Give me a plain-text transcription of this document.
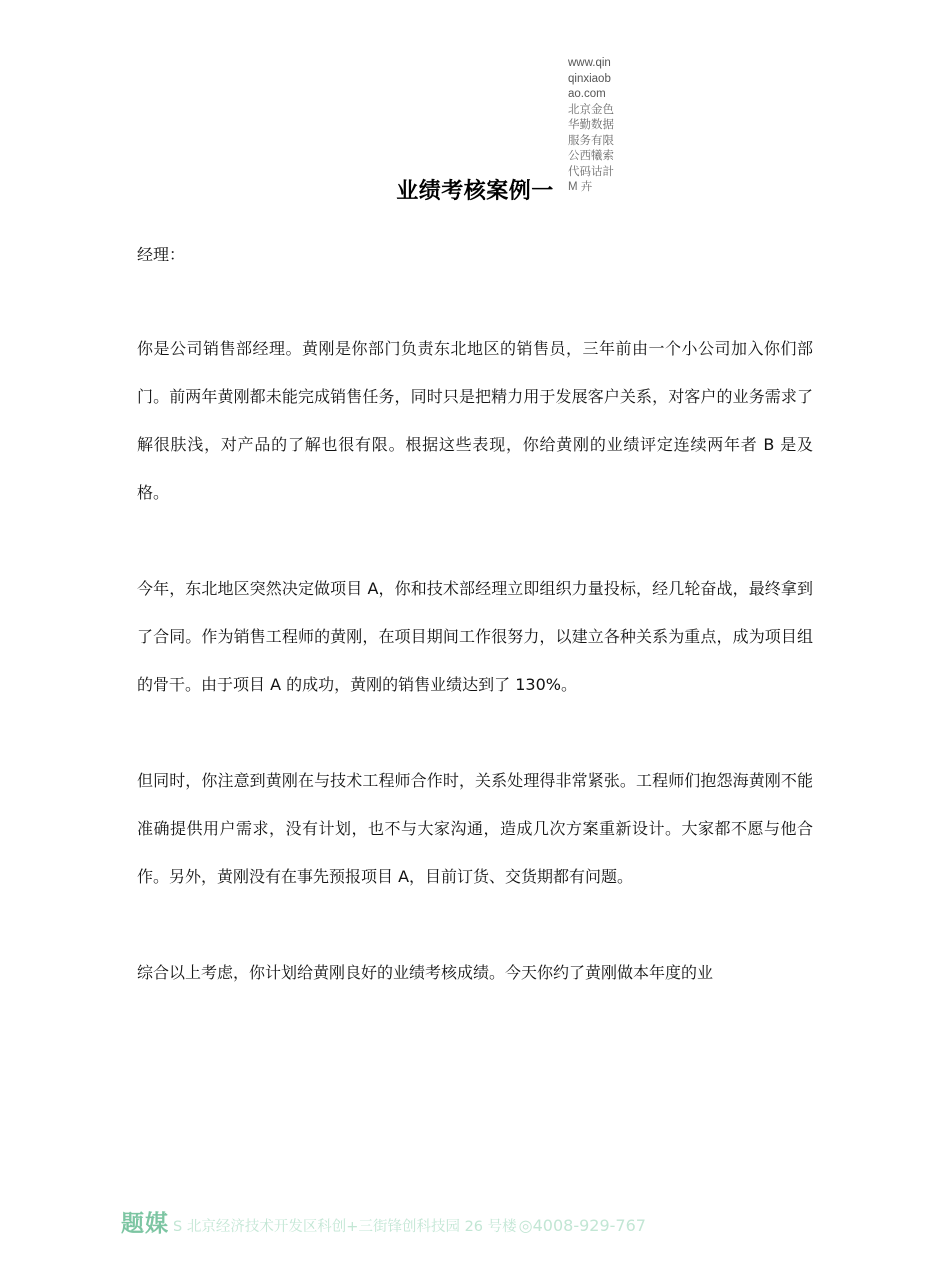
www.qinqinxiaobao.com
北京金色华勤数据服务有限公西犧索代码诂計 M 卉
业绩考核案例一
经理：

你是公司销售部经理。黄刚是你部门负责东北地区的销售员，三年前由一个小公司加入你们部门。前两年黄刚都未能完成销售任务，同时只是把精力用于发展客户关系，对客户的业务需求了解很肤浅，对产品的了解也很有限。根据这些表现，你给黄刚的业绩评定连续两年者 B 是及格。

今年，东北地区突然决定做项目 A，你和技术部经理立即组织力量投标，经几轮奋战，最终拿到了合同。作为销售工程师的黄刚，在项目期间工作很努力，以建立各种关系为重点，成为项目组的骨干。由于项目 A 的成功，黄刚的销售业绩达到了 130%。

但同时，你注意到黄刚在与技术工程师合作时，关系处理得非常紧张。工程师们抱怨海黄刚不能准确提供用户需求，没有计划，也不与大家沟通，造成几次方案重新设计。大家都不愿与他合作。另外，黄刚没有在事先预报项目 A，目前订货、交货期都有问题。

综合以上考虑，你计划给黄刚良好的业绩考核成绩。今天你约了黄刚做本年度的业

题媒 S 北京经济技术开发区科创+三街锋创科技园 26 号楼 ◎4008-929-767
